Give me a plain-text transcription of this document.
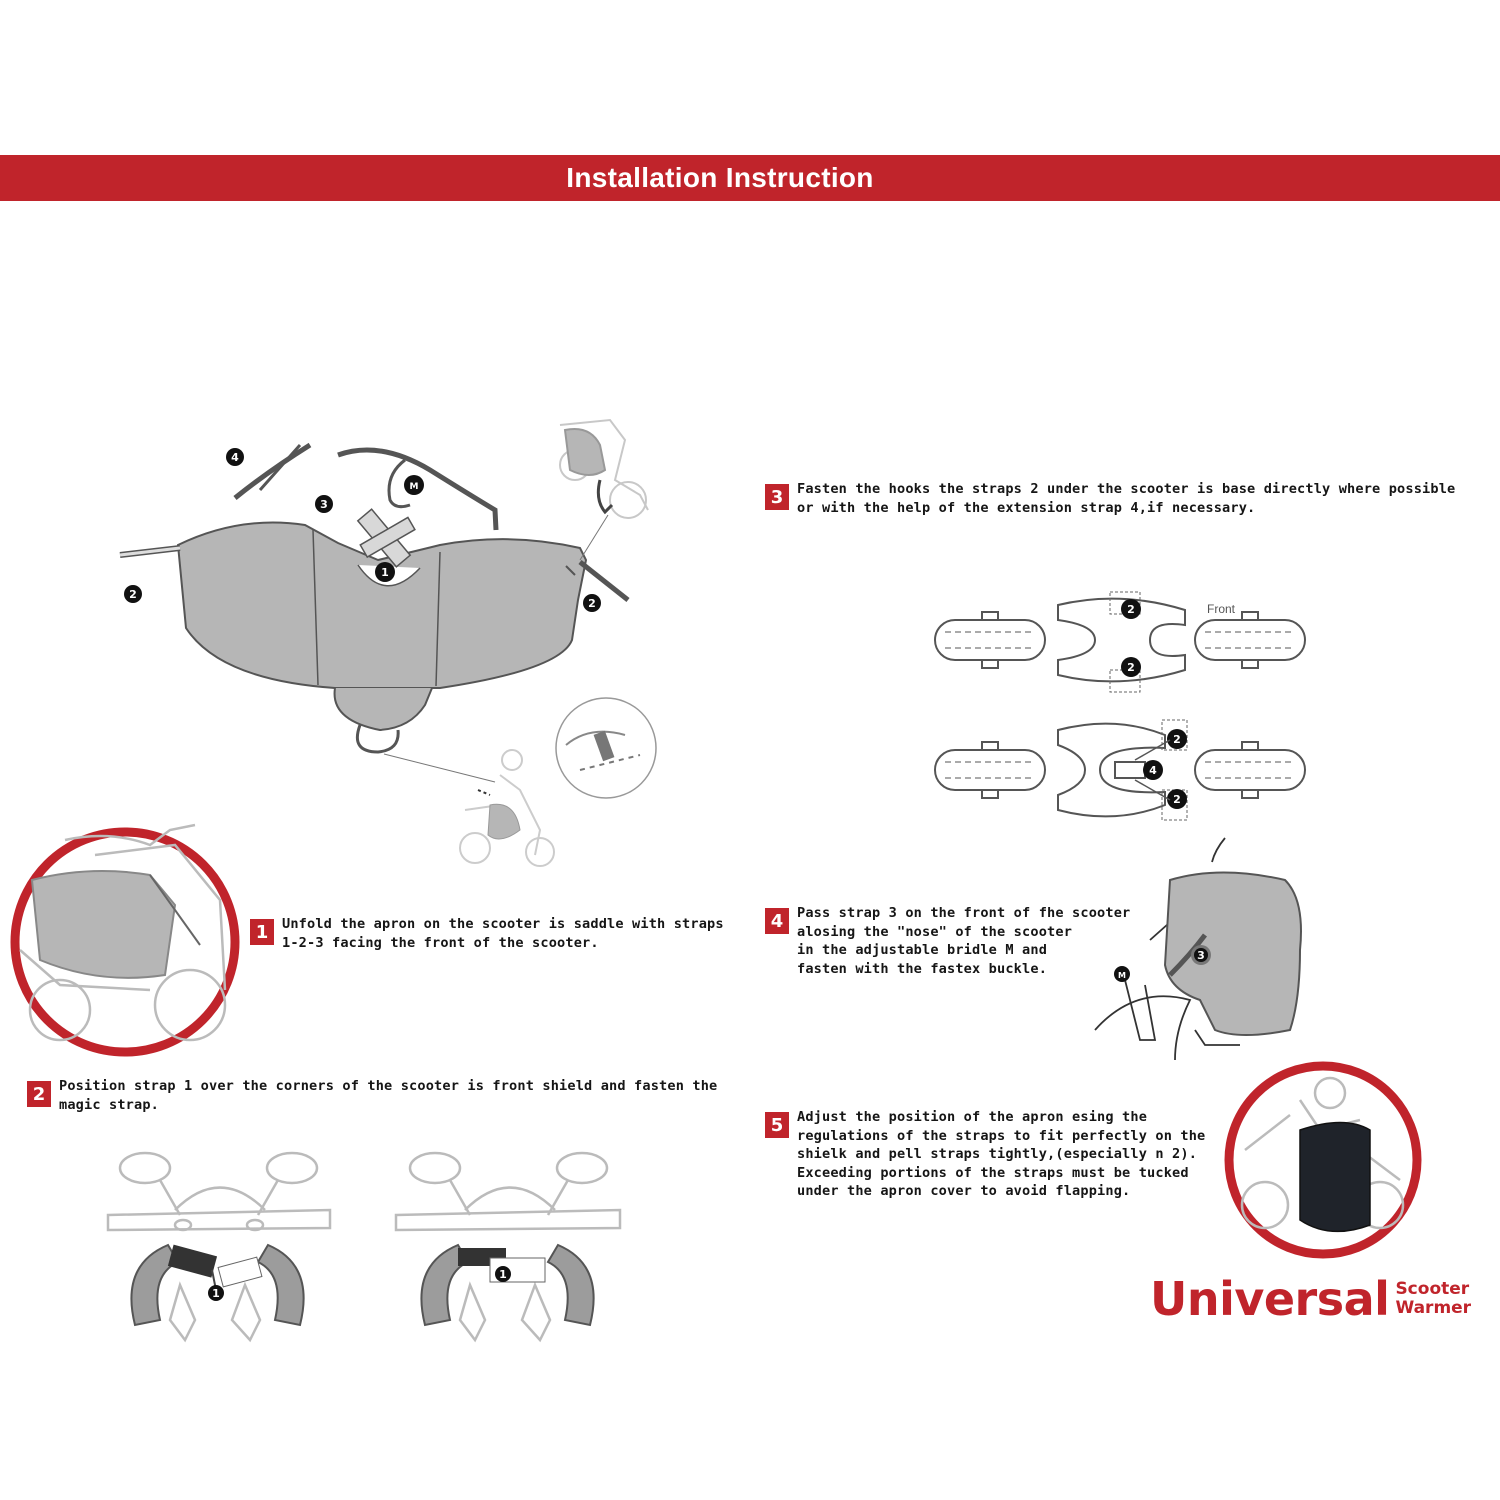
Installation Instruction
1	Unfold the apron on the scooter is saddle with straps
1-2-3 facing the front of the scooter.
2	Position strap 1 over the corners of the scooter is front shield and fasten the
magic strap.
3	Fasten the hooks the straps 2 under the scooter is base directly where possible
or with the help of the extension strap 4,if necessary.
4	Pass strap 3 on the front of fhe scooter
alosing the "nose" of the scooter
in the adjustable bridle M and
fasten with the fastex buckle.
5	Adjust the position of the apron esing the
regulations of the straps to fit perfectly on the
shielk and pell straps tightly,(especially n 2).
Exceeding portions of the straps must be tucked
under the apron cover to avoid flapping.
4
3
M
1
2
2
1
1
2
2
2
4
2
3
M
Front
Universal Scooter
Warmer
